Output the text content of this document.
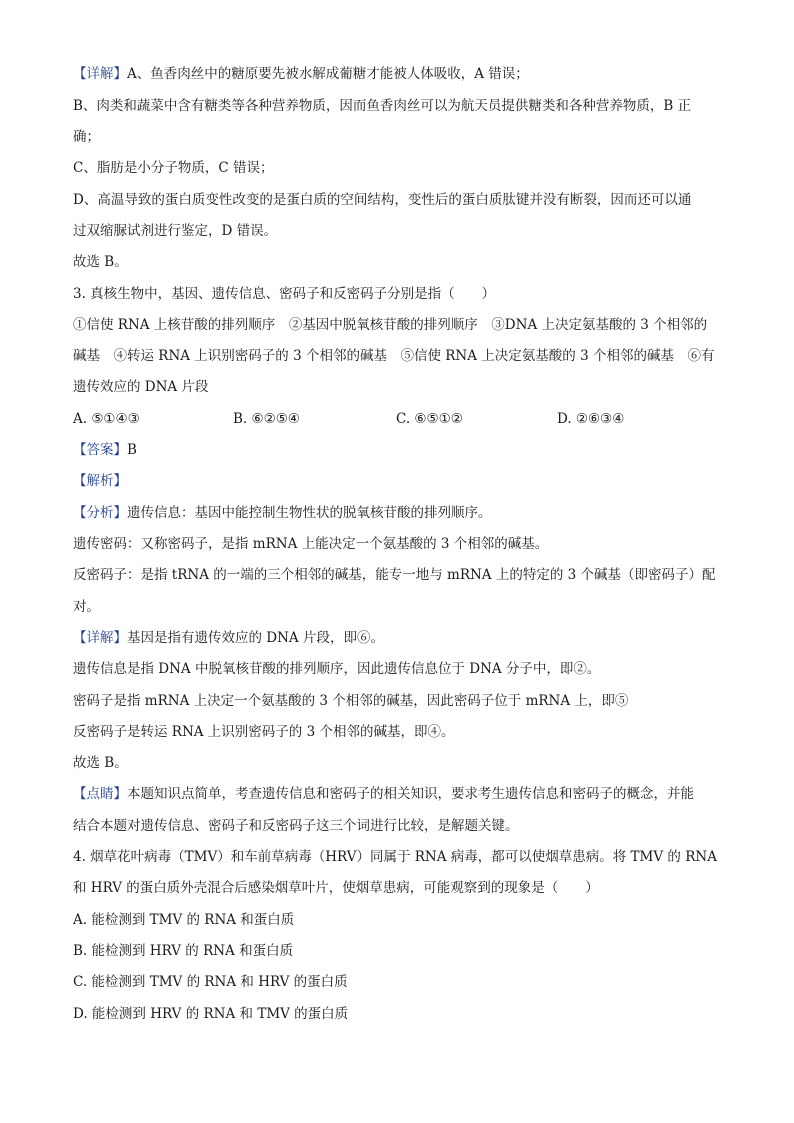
【详解】A、鱼香肉丝中的糖原要先被水解成葡糖才能被人体吸收，A 错误；

B、肉类和蔬菜中含有糖类等各种营养物质，因而鱼香肉丝可以为航天员提供糖类和各种营养物质，B 正

确；

C、脂肪是小分子物质，C 错误；

D、高温导致的蛋白质变性改变的是蛋白质的空间结构，变性后的蛋白质肽键并没有断裂，因而还可以通

过双缩脲试剂进行鉴定，D 错误。

故选 B。

3. 真核生物中，基因、遗传信息、密码子和反密码子分别是指（　　）

①信使 RNA 上核苷酸的排列顺序　②基因中脱氧核苷酸的排列顺序　③DNA 上决定氨基酸的 3 个相邻的

碱基　④转运 RNA 上识别密码子的 3 个相邻的碱基　⑤信使 RNA 上决定氨基酸的 3 个相邻的碱基　⑥有

遗传效应的 DNA 片段

A. ⑤①④③	B. ⑥②⑤④	C. ⑥⑤①②	D. ②⑥③④

【答案】B

【解析】

【分析】遗传信息：基因中能控制生物性状的脱氧核苷酸的排列顺序。

遗传密码：又称密码子，是指 mRNA 上能决定一个氨基酸的 3 个相邻的碱基。

反密码子：是指 tRNA 的一端的三个相邻的碱基，能专一地与 mRNA 上的特定的 3 个碱基（即密码子）配

对。

【详解】基因是指有遗传效应的 DNA 片段，即⑥。

遗传信息是指 DNA 中脱氧核苷酸的排列顺序，因此遗传信息位于 DNA 分子中，即②。

密码子是指 mRNA 上决定一个氨基酸的 3 个相邻的碱基，因此密码子位于 mRNA 上，即⑤

反密码子是转运 RNA 上识别密码子的 3 个相邻的碱基，即④。

故选 B。

【点睛】本题知识点简单，考查遗传信息和密码子的相关知识，要求考生遗传信息和密码子的概念，并能

结合本题对遗传信息、密码子和反密码子这三个词进行比较，是解题关键。

4. 烟草花叶病毒（TMV）和车前草病毒（HRV）同属于 RNA 病毒，都可以使烟草患病。将 TMV 的 RNA

和 HRV 的蛋白质外壳混合后感染烟草叶片，使烟草患病，可能观察到的现象是（　　）

A. 能检测到 TMV 的 RNA 和蛋白质

B. 能检测到 HRV 的 RNA 和蛋白质

C. 能检测到 TMV 的 RNA 和 HRV 的蛋白质

D. 能检测到 HRV 的 RNA 和 TMV 的蛋白质
